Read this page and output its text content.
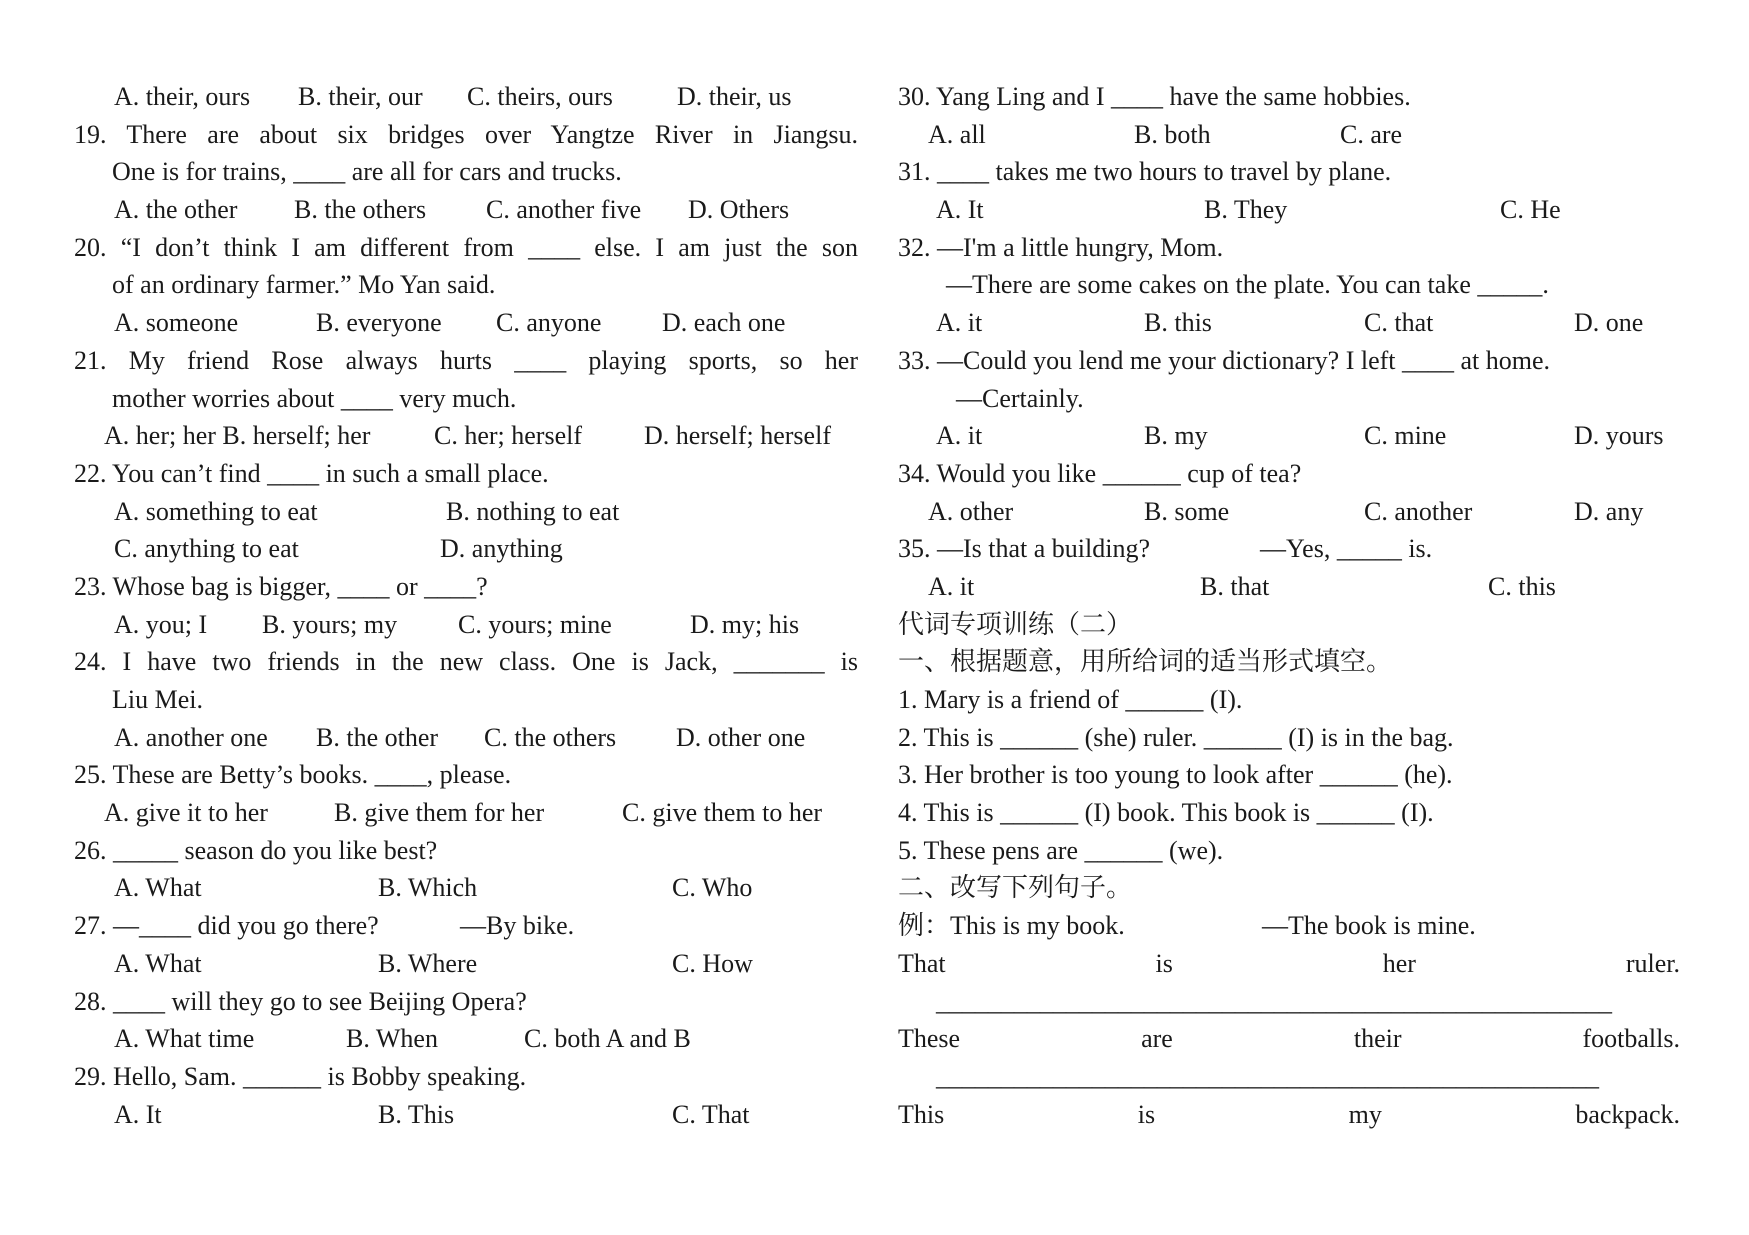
A. their, ours B. their, our C. theirs, ours D. their, us
19. There are about six bridges over Yangtze River in Jiangsu.
One is for trains, ____ are all for cars and trucks.
A. the other B. the others C. another five D. Others
20. “I don’t think I am different from ____ else. I am just the son
of an ordinary farmer.” Mo Yan said.
A. someone	B. everyone C. anyone D. each one
21. My friend Rose always hurts ____ playing sports, so her
mother worries about ____ very much.
A. her; her B. herself; her C. her; herself D. herself; herself
22. You can’t find ____ in such a small place.
A. something to eat	B. nothing to eat
C. anything to eat	D. anything
23. Whose bag is bigger, ____ or ____?
A. you; I B. yours; my C. yours; mine	D. my; his
24. I have two friends in the new class. One is Jack, _______ is
Liu Mei.
A. another one B. the other C. the others D. other one
25. These are Betty’s books. ____, please.
A. give it to her	B. give them for her	C. give them to her
26. _____ season do you like best?
A. What	B. Which	C. Who
27. —____ did you go there?	—By bike.
A. What	B. Where	C. How
28. ____ will they go to see Beijing Opera?
A. What time	B. When	C. both A and B
29. Hello, Sam. ______ is Bobby speaking.
A. It	B. This	C. That
30. Yang Ling and I ____ have the same hobbies.
A. all	B. both	C. are
31. ____ takes me two hours to travel by plane.
A. It	B. They	C. He
32. —I'm a little hungry, Mom.
—There are some cakes on the plate. You can take _____.
A. it	B. this	C. that	D. one
33. —Could you lend me your dictionary? I left ____ at home.
—Certainly.
A. it	B. my	C. mine	D. yours
34. Would you like ______ cup of tea?
A. other	B. some	C. another	D. any
35. —Is that a building?	—Yes, _____ is.
A. it	B. that	C. this
代词专项训练（二）
一、根据题意，用所给词的适当形式填空。
1. Mary is a friend of ______ (I).
2. This is ______ (she) ruler. ______ (I) is in the bag.
3. Her brother is too young to look after ______ (he).
4. This is ______ (I) book. This book is ______ (I).
5. These pens are ______ (we).
二、改写下列句子。
例：This is my book.	—The book is mine.
That is her ruler.
____________________________________________________
These are their footballs.
___________________________________________________
This is my backpack.
